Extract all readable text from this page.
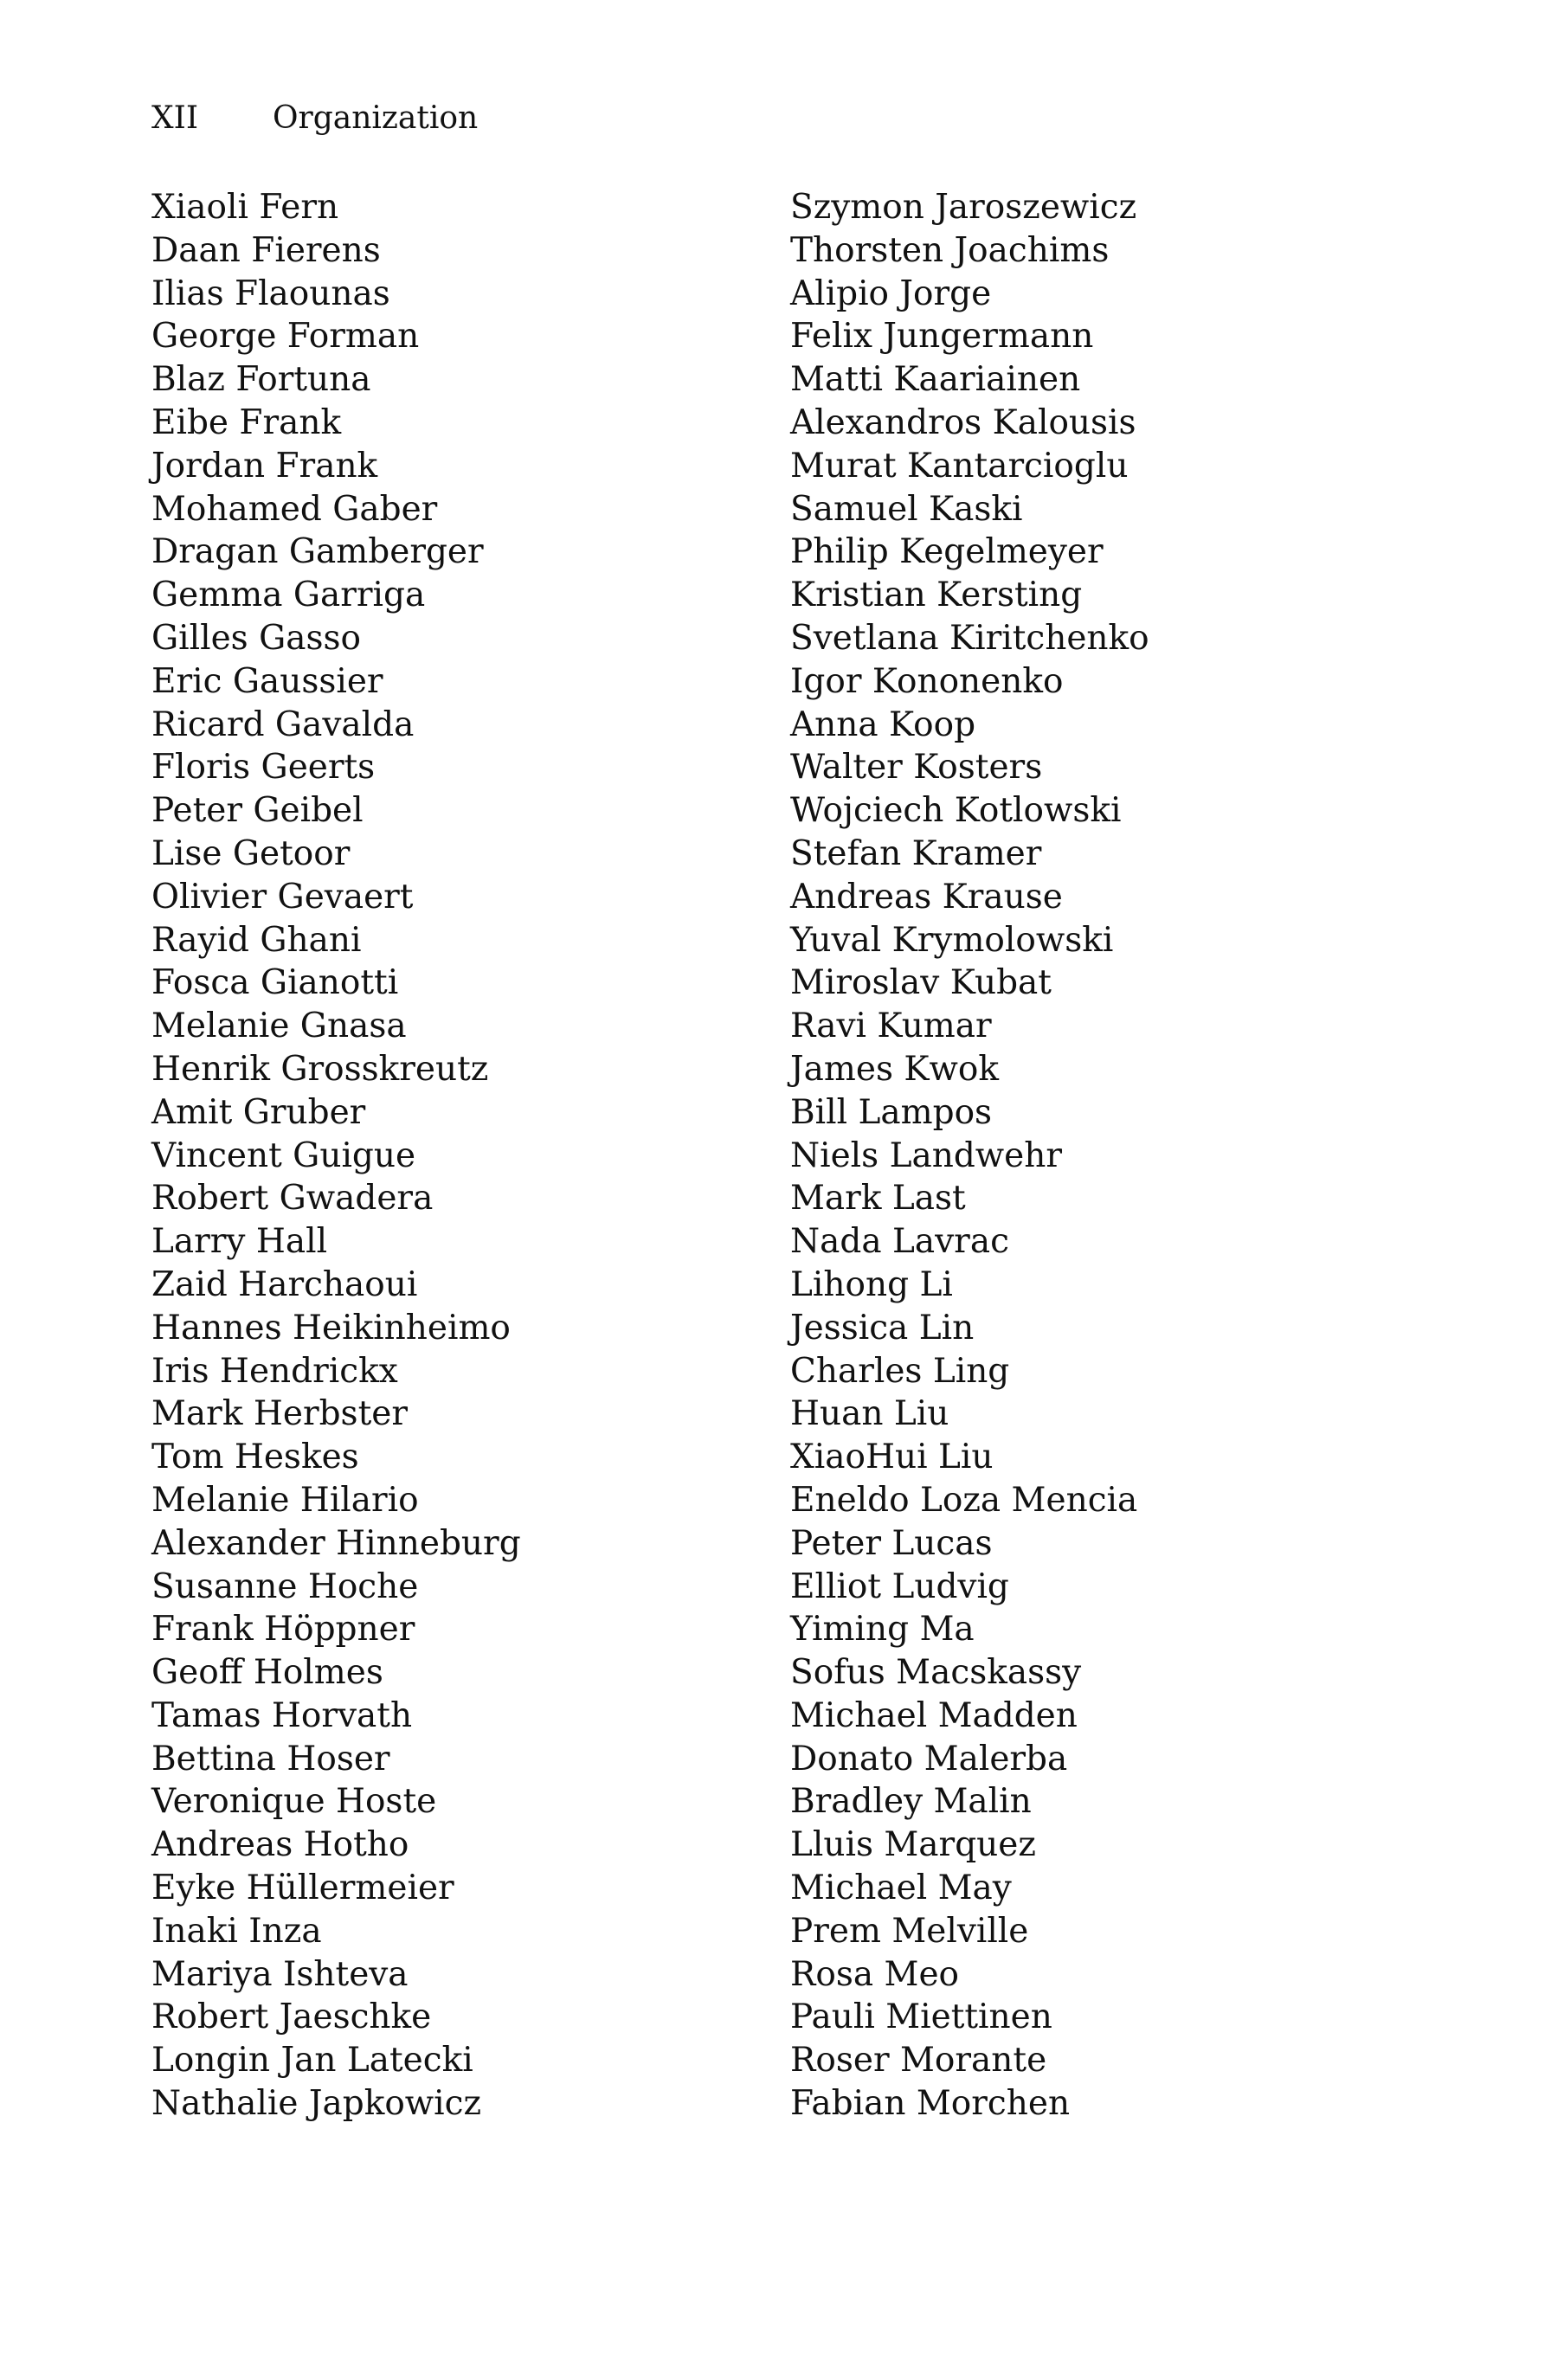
XII	Organization
Xiaoli Fern
Daan Fierens
Ilias Flaounas
George Forman
Blaz Fortuna
Eibe Frank
Jordan Frank
Mohamed Gaber
Dragan Gamberger
Gemma Garriga
Gilles Gasso
Eric Gaussier
Ricard Gavalda
Floris Geerts
Peter Geibel
Lise Getoor
Olivier Gevaert
Rayid Ghani
Fosca Gianotti
Melanie Gnasa
Henrik Grosskreutz
Amit Gruber
Vincent Guigue
Robert Gwadera
Larry Hall
Zaid Harchaoui
Hannes Heikinheimo
Iris Hendrickx
Mark Herbster
Tom Heskes
Melanie Hilario
Alexander Hinneburg
Susanne Hoche
Frank Höppner
Geoff Holmes
Tamas Horvath
Bettina Hoser
Veronique Hoste
Andreas Hotho
Eyke Hüllermeier
Inaki Inza
Mariya Ishteva
Robert Jaeschke
Longin Jan Latecki
Nathalie Japkowicz
Szymon Jaroszewicz
Thorsten Joachims
Alipio Jorge
Felix Jungermann
Matti Kaariainen
Alexandros Kalousis
Murat Kantarcioglu
Samuel Kaski
Philip Kegelmeyer
Kristian Kersting
Svetlana Kiritchenko
Igor Kononenko
Anna Koop
Walter Kosters
Wojciech Kotlowski
Stefan Kramer
Andreas Krause
Yuval Krymolowski
Miroslav Kubat
Ravi Kumar
James Kwok
Bill Lampos
Niels Landwehr
Mark Last
Nada Lavrac
Lihong Li
Jessica Lin
Charles Ling
Huan Liu
XiaoHui Liu
Eneldo Loza Mencia
Peter Lucas
Elliot Ludvig
Yiming Ma
Sofus Macskassy
Michael Madden
Donato Malerba
Bradley Malin
Lluis Marquez
Michael May
Prem Melville
Rosa Meo
Pauli Miettinen
Roser Morante
Fabian Morchen
